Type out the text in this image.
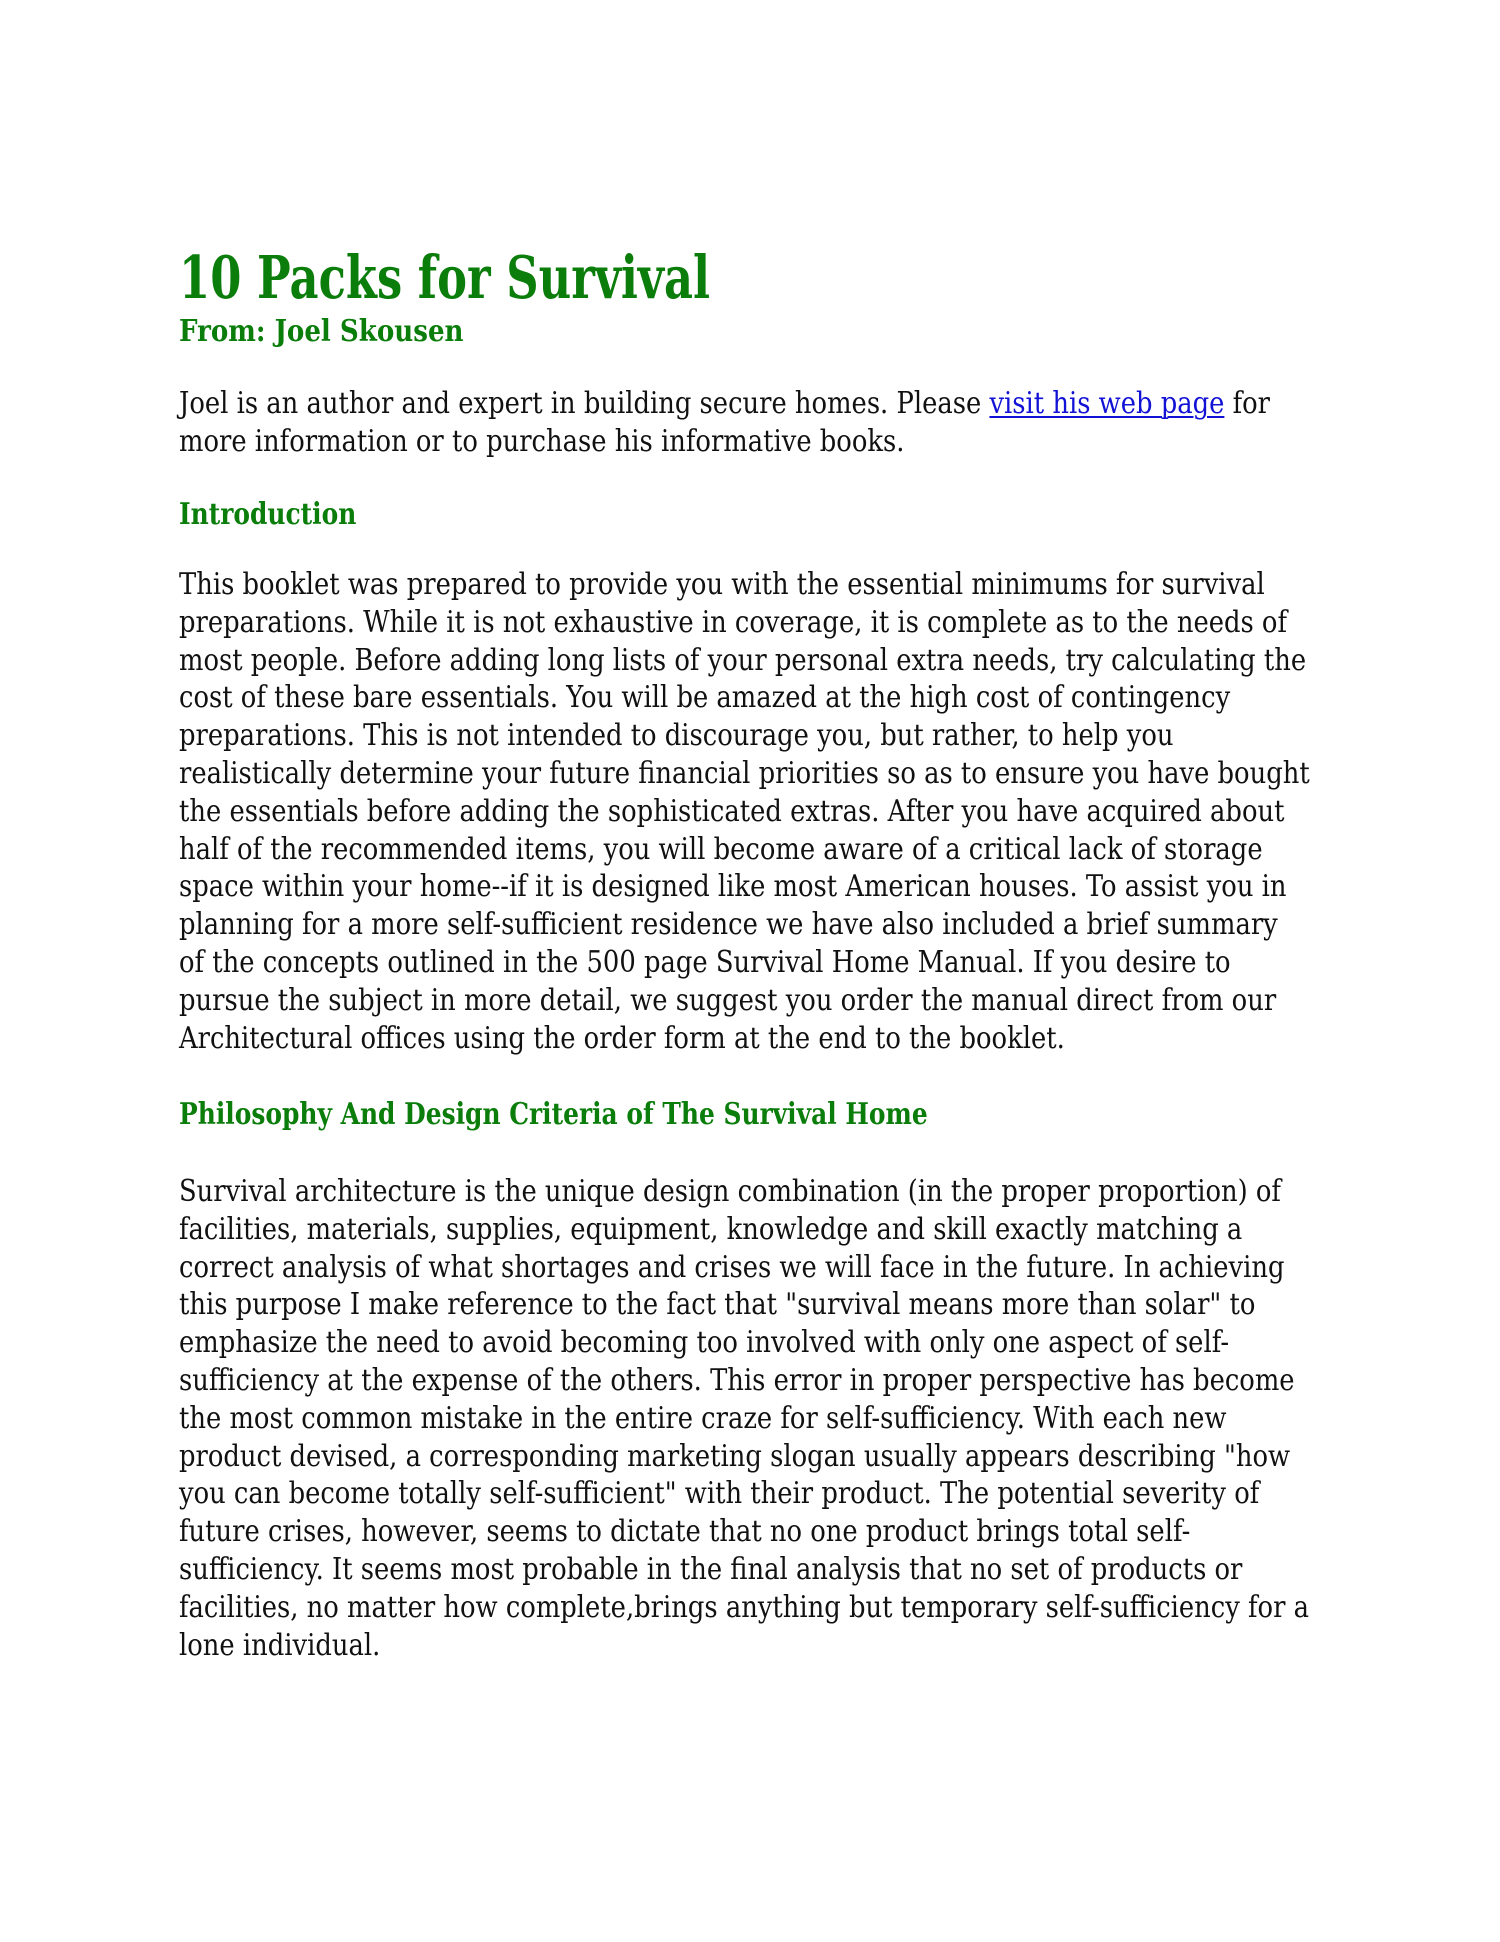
10 Packs for Survival
From: Joel Skousen

Joel is an author and expert in building secure homes. Please visit his web page for
more information or to purchase his informative books.

Introduction

This booklet was prepared to provide you with the essential minimums for survival
preparations. While it is not exhaustive in coverage, it is complete as to the needs of
most people. Before adding long lists of your personal extra needs, try calculating the
cost of these bare essentials. You will be amazed at the high cost of contingency
preparations. This is not intended to discourage you, but rather, to help you
realistically determine your future financial priorities so as to ensure you have bought
the essentials before adding the sophisticated extras. After you have acquired about
half of the recommended items, you will become aware of a critical lack of storage
space within your home--if it is designed like most American houses. To assist you in
planning for a more self-sufficient residence we have also included a brief summary
of the concepts outlined in the 500 page Survival Home Manual. If you desire to
pursue the subject in more detail, we suggest you order the manual direct from our
Architectural offices using the order form at the end to the booklet.

Philosophy And Design Criteria of The Survival Home

Survival architecture is the unique design combination (in the proper proportion) of
facilities, materials, supplies, equipment, knowledge and skill exactly matching a
correct analysis of what shortages and crises we will face in the future. In achieving
this purpose I make reference to the fact that "survival means more than solar" to
emphasize the need to avoid becoming too involved with only one aspect of self-
sufficiency at the expense of the others. This error in proper perspective has become
the most common mistake in the entire craze for self-sufficiency. With each new
product devised, a corresponding marketing slogan usually appears describing "how
you can become totally self-sufficient" with their product. The potential severity of
future crises, however, seems to dictate that no one product brings total self-
sufficiency. It seems most probable in the final analysis that no set of products or
facilities, no matter how complete,brings anything but temporary self-sufficiency for a
lone individual.
